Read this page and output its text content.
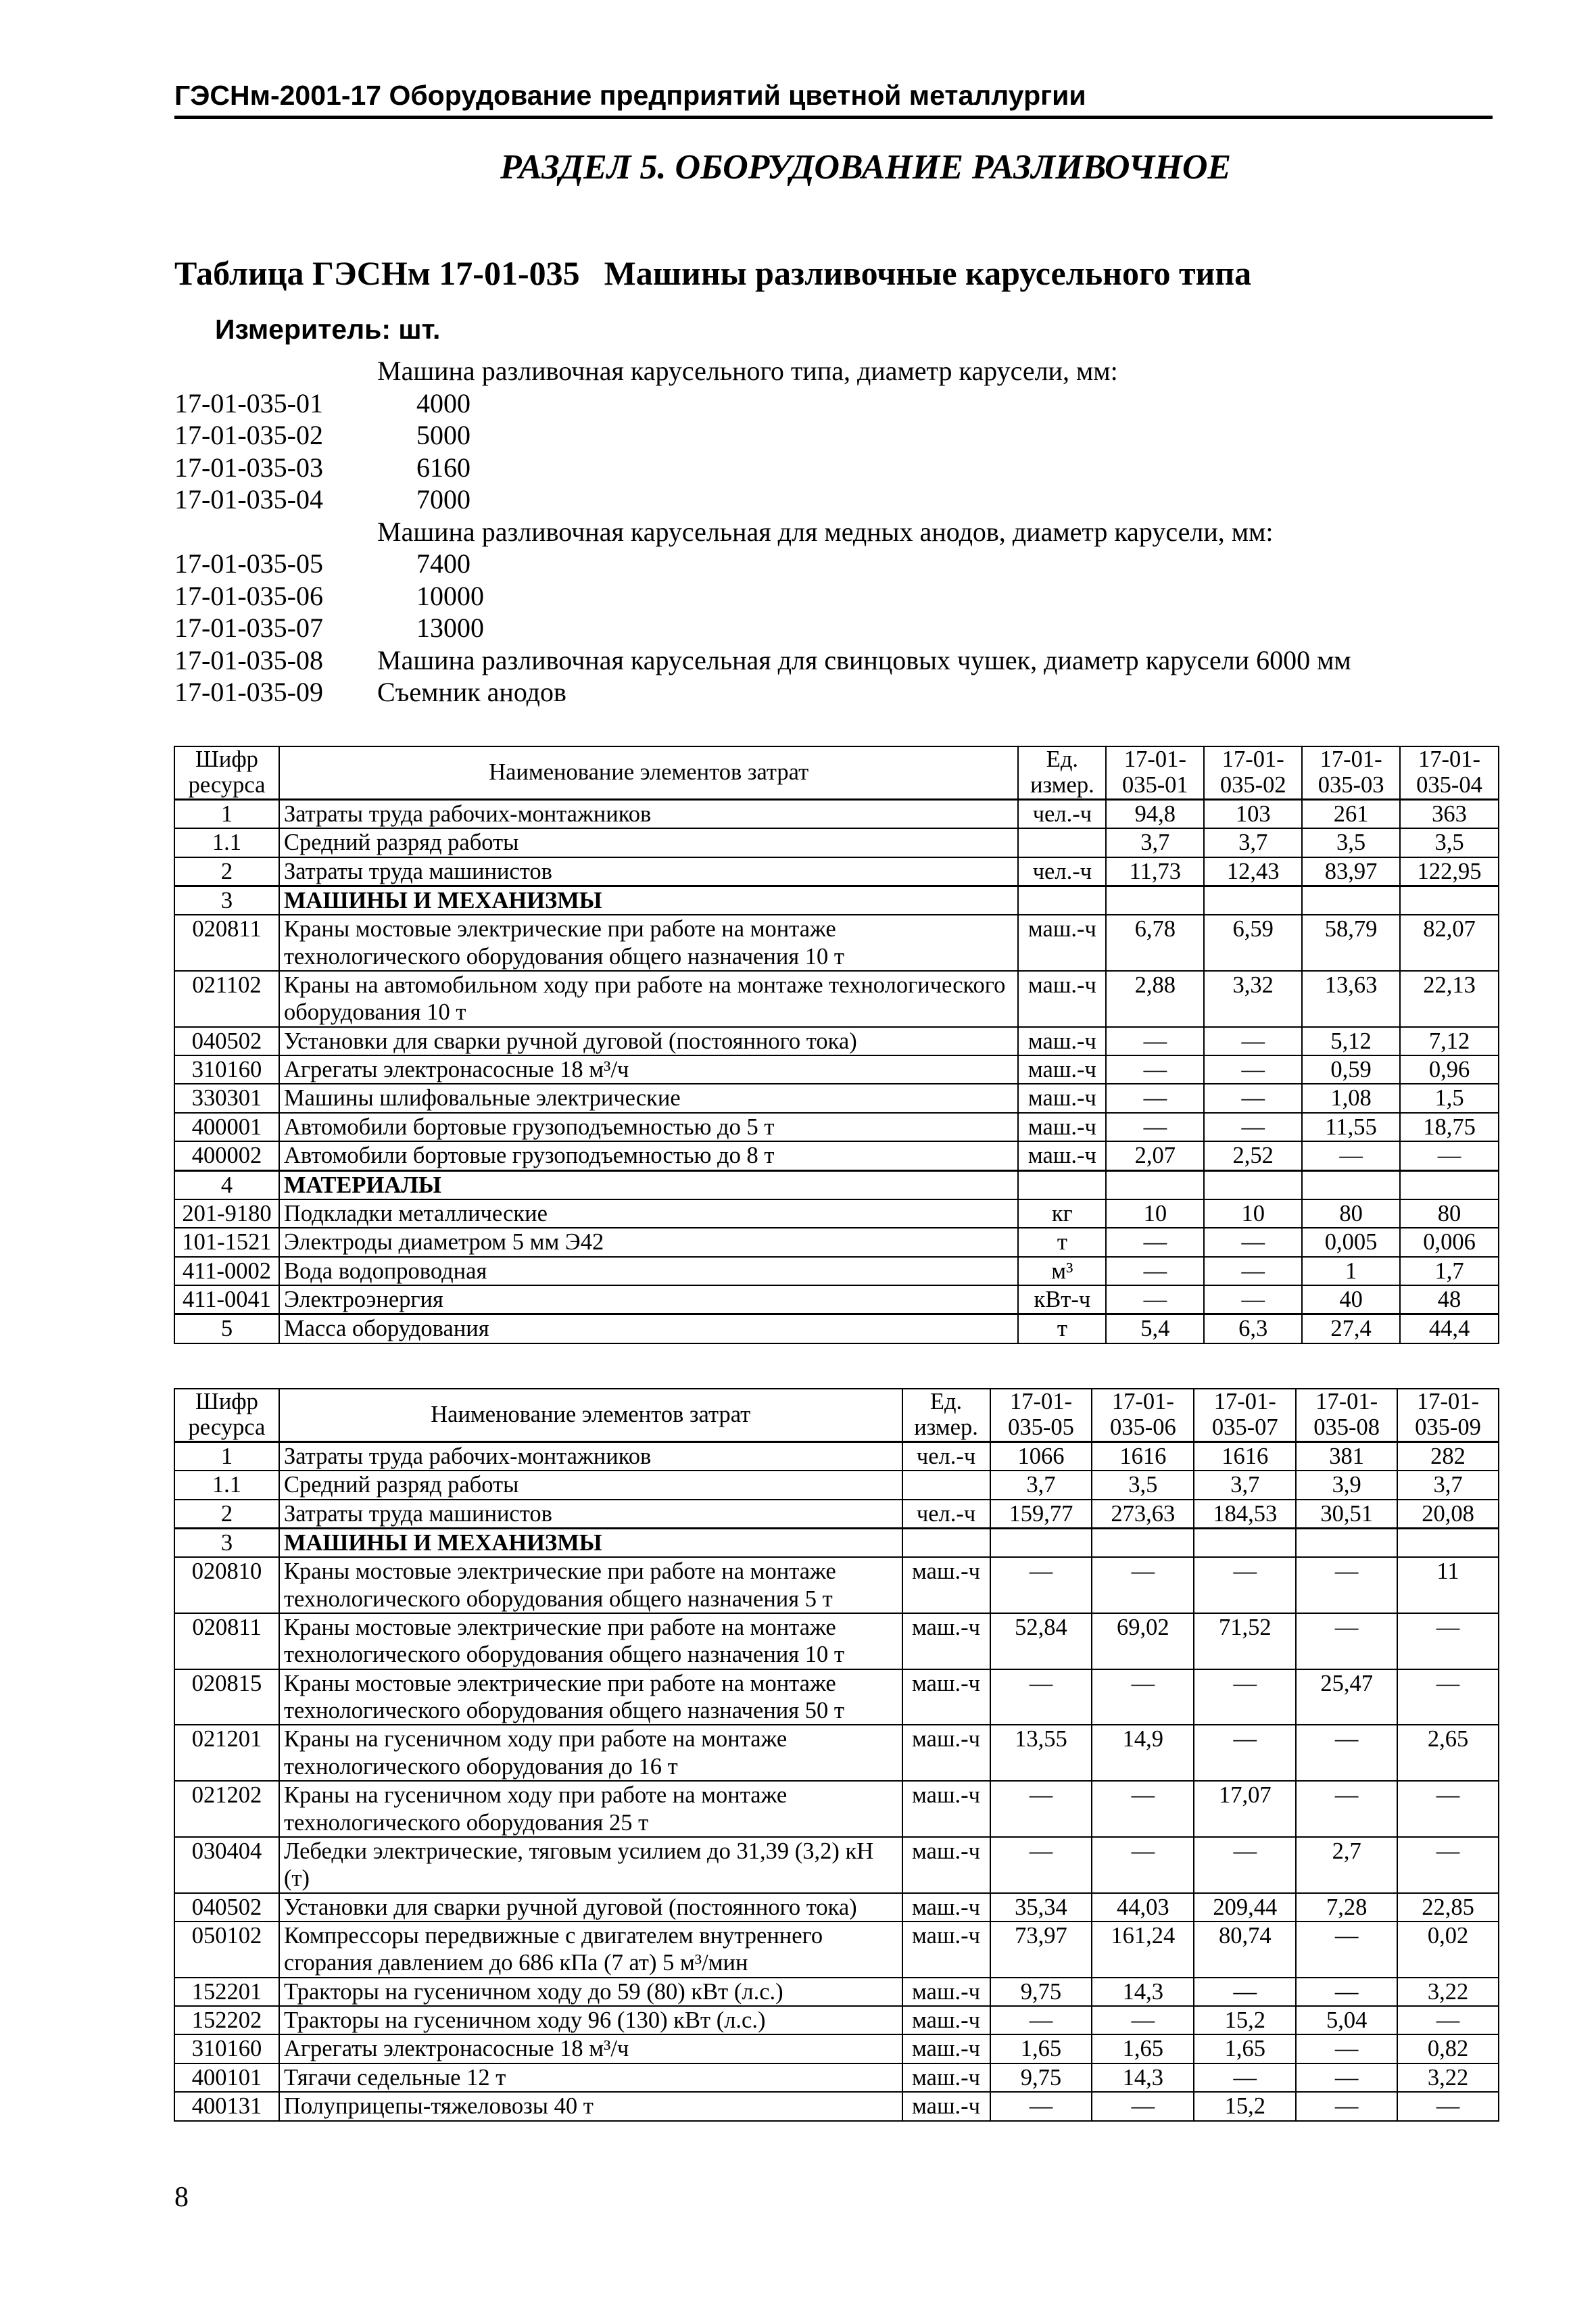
ГЭСНм-2001-17 Оборудование предприятий цветной металлургии
РАЗДЕЛ 5. ОБОРУДОВАНИЕ РАЗЛИВОЧНОЕ
Таблица ГЭСНм 17-01-035 Машины разливочные карусельного типа
Измеритель: шт.
Машина разливочная карусельного типа, диаметр карусели, мм:
17-01-035-01	4000
17-01-035-02	5000
17-01-035-03	6160
17-01-035-04	7000
Машина разливочная карусельная для медных анодов, диаметр карусели, мм:
17-01-035-05	7400
17-01-035-06	10000
17-01-035-07	13000
17-01-035-08	Машина разливочная карусельная для свинцовых чушек, диаметр карусели 6000 мм
17-01-035-09	Съемник анодов
Шифр ресурса	Наименование элементов затрат	Ед. измер.	17-01-035-01	17-01-035-02	17-01-035-03	17-01-035-04
1	Затраты труда рабочих-монтажников	чел.-ч	94,8	103	261	363
1.1	Средний разряд работы		3,7	3,7	3,5	3,5
2	Затраты труда машинистов	чел.-ч	11,73	12,43	83,97	122,95
3	МАШИНЫ И МЕХАНИЗМЫ					
020811	Краны мостовые электрические при работе на монтаже технологического оборудования общего назначения 10 т	маш.-ч	6,78	6,59	58,79	82,07
021102	Краны на автомобильном ходу при работе на монтаже технологического оборудования 10 т	маш.-ч	2,88	3,32	13,63	22,13
040502	Установки для сварки ручной дуговой (постоянного тока)	маш.-ч	—	—	5,12	7,12
310160	Агрегаты электронасосные 18 м³/ч	маш.-ч	—	—	0,59	0,96
330301	Машины шлифовальные электрические	маш.-ч	—	—	1,08	1,5
400001	Автомобили бортовые грузоподъемностью до 5 т	маш.-ч	—	—	11,55	18,75
400002	Автомобили бортовые грузоподъемностью до 8 т	маш.-ч	2,07	2,52	—	—
4	МАТЕРИАЛЫ					
201-9180	Подкладки металлические	кг	10	10	80	80
101-1521	Электроды диаметром 5 мм Э42	т	—	—	0,005	0,006
411-0002	Вода водопроводная	м³	—	—	1	1,7
411-0041	Электроэнергия	кВт-ч	—	—	40	48
5	Масса оборудования	т	5,4	6,3	27,4	44,4
Шифр ресурса	Наименование элементов затрат	Ед. измер.	17-01-035-05	17-01-035-06	17-01-035-07	17-01-035-08	17-01-035-09
1	Затраты труда рабочих-монтажников	чел.-ч	1066	1616	1616	381	282
1.1	Средний разряд работы		3,7	3,5	3,7	3,9	3,7
2	Затраты труда машинистов	чел.-ч	159,77	273,63	184,53	30,51	20,08
3	МАШИНЫ И МЕХАНИЗМЫ						
020810	Краны мостовые электрические при работе на монтаже технологического оборудования общего назначения 5 т	маш.-ч	—	—	—	—	11
020811	Краны мостовые электрические при работе на монтаже технологического оборудования общего назначения 10 т	маш.-ч	52,84	69,02	71,52	—	—
020815	Краны мостовые электрические при работе на монтаже технологического оборудования общего назначения 50 т	маш.-ч	—	—	—	25,47	—
021201	Краны на гусеничном ходу при работе на монтаже технологического оборудования до 16 т	маш.-ч	13,55	14,9	—	—	2,65
021202	Краны на гусеничном ходу при работе на монтаже технологического оборудования 25 т	маш.-ч	—	—	17,07	—	—
030404	Лебедки электрические, тяговым усилием до 31,39 (3,2) кН (т)	маш.-ч	—	—	—	2,7	—
040502	Установки для сварки ручной дуговой (постоянного тока)	маш.-ч	35,34	44,03	209,44	7,28	22,85
050102	Компрессоры передвижные с двигателем внутреннего сгорания давлением до 686 кПа (7 ат) 5 м³/мин	маш.-ч	73,97	161,24	80,74	—	0,02
152201	Тракторы на гусеничном ходу до 59 (80) кВт (л.с.)	маш.-ч	9,75	14,3	—	—	3,22
152202	Тракторы на гусеничном ходу 96 (130) кВт (л.с.)	маш.-ч	—	—	15,2	5,04	—
310160	Агрегаты электронасосные 18 м³/ч	маш.-ч	1,65	1,65	1,65	—	0,82
400101	Тягачи седельные 12 т	маш.-ч	9,75	14,3	—	—	3,22
400131	Полуприцепы-тяжеловозы 40 т	маш.-ч	—	—	15,2	—	—
8
